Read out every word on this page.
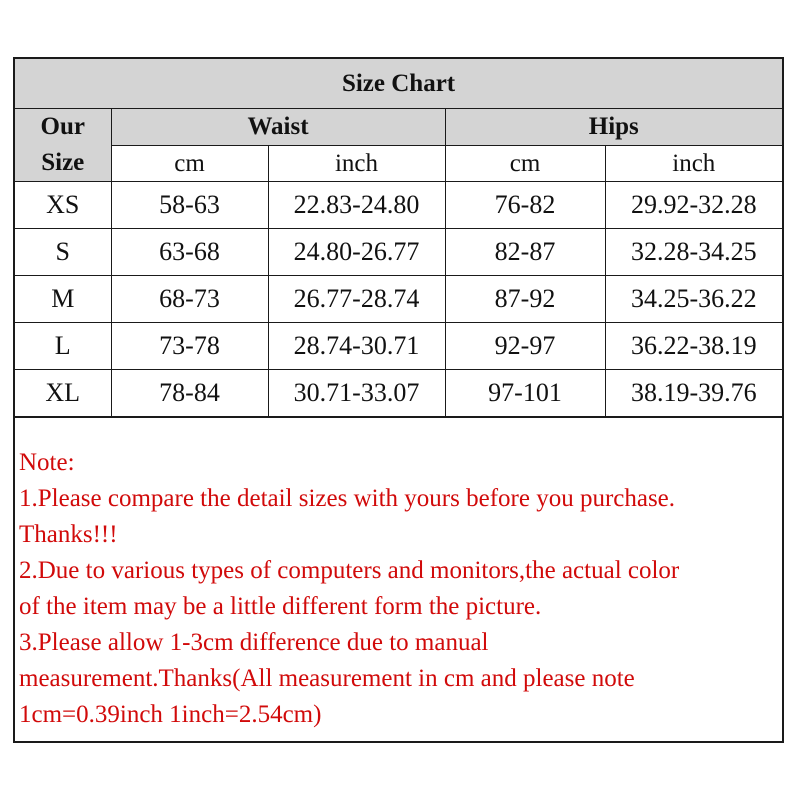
Size Chart				
Our
Size	Waist		Hips	
	cm	inch	cm	inch
XS	58-63	22.83-24.80	76-82	29.92-32.28
S	63-68	24.80-26.77	82-87	32.28-34.25
M	68-73	26.77-28.74	87-92	34.25-36.22
L	73-78	28.74-30.71	92-97	36.22-38.19
XL	78-84	30.71-33.07	97-101	38.19-39.76
Note:
1.Please compare the detail sizes with yours before you purchase.
Thanks!!!
2.Due to various types of computers and monitors,the actual color
of the item may be a little different form the picture.
3.Please allow 1-3cm difference due to manual
measurement.Thanks(All measurement in cm and please note
1cm=0.39inch 1inch=2.54cm)
